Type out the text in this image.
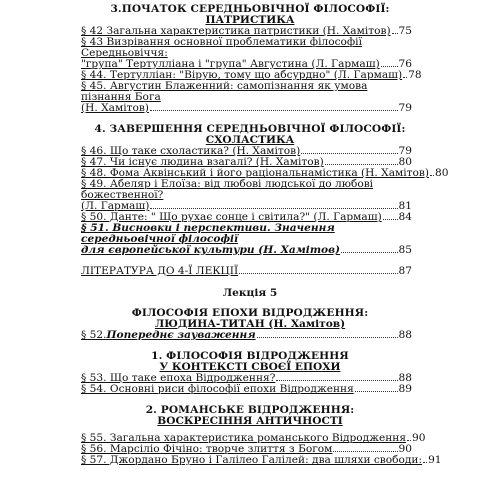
3.ПОЧАТОК СЕРЕДНЬОВІЧНОЇ ФІЛОСОФІЇ:
ПАТРИСТИКА
§ 42 Загальна характеристика патристики (Н. Хамітов) 75
§ 43 Визрівання основної проблематики філософії Середньовіччя:
"група" Тертулліана і "група" Августина (Л. Гармаш) 76
§ 44. Тертулліан: "Вірую, тому що абсурдно" (Л. Гармаш) 78
§ 45. Августин Блаженний: самопізнання як умова пізнання Бога
(Н. Хамітов)	79
4. ЗАВЕРШЕННЯ СЕРЕДНЬОВІЧНОЇ ФІЛОСОФІЇ:
СХОЛАСТИКА
§ 46. Що таке схоластика? (Н. Хамітов)	79
§ 47. Чи існує людина взагалі? (Н. Хамітов)	80
§ 48. Фома Аквінський і його раціональнамістика (Н. Хамітов) 80
§ 49. Абеляр і Елоїза: від любові людської до любові божественної?
(Л. Гармаш)	81
§ 50. Данте: " Що рухає сонце і світила?" (Л. Гармаш) 84
§ 51. Висновки і перспективи. Значення середньовічної філософії
для європейської культури (Н. Хамітов)	85
ЛІТЕРАТУРА ДО 4-Ї ЛЕКЦІЇ	87
Лекція 5
ФІЛОСОФІЯ ЕПОХИ ВІДРОДЖЕННЯ:
ЛЮДИНА-ТИТАН (Н. Хамітов)
§ 52. Попереднє зауваження	88
1. ФІЛОСОФІЯ ВІДРОДЖЕННЯ
У КОНТЕКСТІ СВОЄЇ ЕПОХИ
§ 53. Що таке епоха Відродження?	88
§ 54. Основні риси філософії епохи Відродження	89
2. РОМАНСЬКЕ ВІДРОДЖЕННЯ:
ВОСКРЕСІННЯ АНТИЧНОСТІ
§ 55. Загальна характеристика романського Відродження 90
§ 56. Марсіліо Фічіно: творче злиття з Богом	90
§ 57. Джордано Бруно і Галілео Галілей: два шляхи свободи: 91
